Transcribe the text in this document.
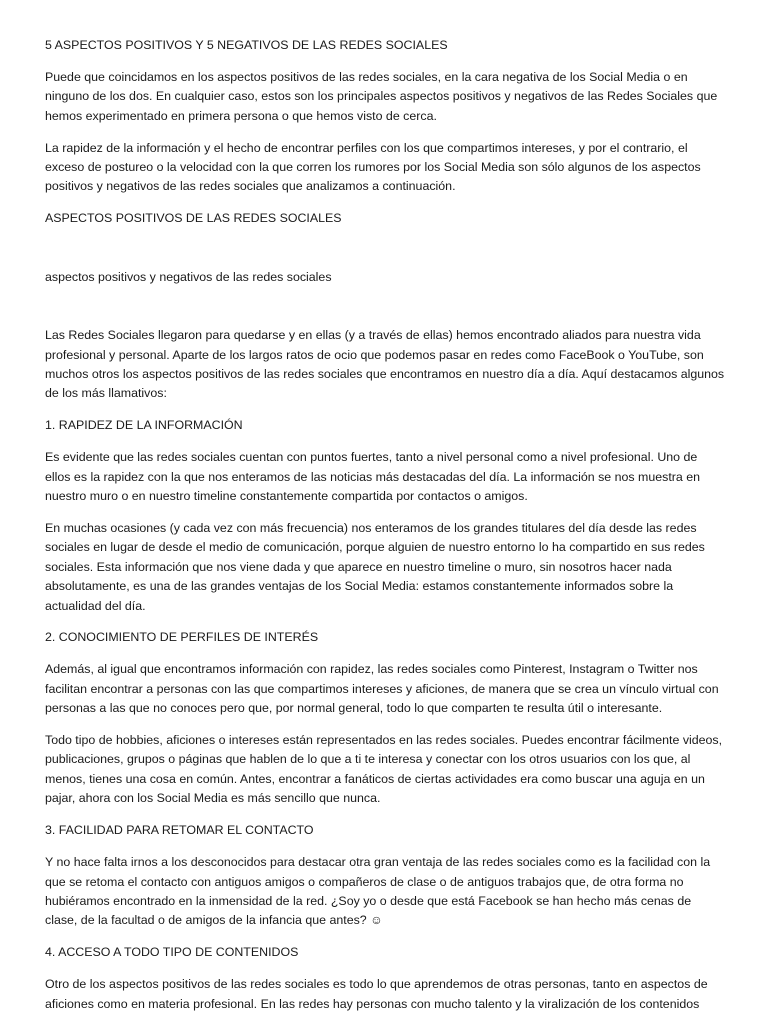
5 ASPECTOS POSITIVOS Y 5 NEGATIVOS DE LAS REDES SOCIALES

Puede que coincidamos en los aspectos positivos de las redes sociales, en la cara negativa de los Social Media o en ninguno de los dos. En cualquier caso, estos son los principales aspectos positivos y negativos de las Redes Sociales que hemos experimentado en primera persona o que hemos visto de cerca.

La rapidez de la información y el hecho de encontrar perfiles con los que compartimos intereses, y por el contrario, el exceso de postureo o la velocidad con la que corren los rumores por los Social Media son sólo algunos de los aspectos positivos y negativos de las redes sociales que analizamos a continuación.

ASPECTOS POSITIVOS DE LAS REDES SOCIALES

aspectos positivos y negativos de las redes sociales

Las Redes Sociales llegaron para quedarse y en ellas (y a través de ellas) hemos encontrado aliados para nuestra vida profesional y personal. Aparte de los largos ratos de ocio que podemos pasar en redes como FaceBook o YouTube, son muchos otros los aspectos positivos de las redes sociales que encontramos en nuestro día a día. Aquí destacamos algunos de los más llamativos:

1. RAPIDEZ DE LA INFORMACIÓN

Es evidente que las redes sociales cuentan con puntos fuertes, tanto a nivel personal como a nivel profesional. Uno de ellos es la rapidez con la que nos enteramos de las noticias más destacadas del día. La información se nos muestra en nuestro muro o en nuestro timeline constantemente compartida por contactos o amigos.

En muchas ocasiones (y cada vez con más frecuencia) nos enteramos de los grandes titulares del día desde las redes sociales en lugar de desde el medio de comunicación, porque alguien de nuestro entorno lo ha compartido en sus redes sociales. Esta información que nos viene dada y que aparece en nuestro timeline o muro, sin nosotros hacer nada absolutamente, es una de las grandes ventajas de los Social Media: estamos constantemente informados sobre la actualidad del día.

2. CONOCIMIENTO DE PERFILES DE INTERÉS

Además, al igual que encontramos información con rapidez, las redes sociales como Pinterest, Instagram o Twitter nos facilitan encontrar a personas con las que compartimos intereses y aficiones, de manera que se crea un vínculo virtual con personas a las que no conoces pero que, por normal general, todo lo que comparten te resulta útil o interesante.

Todo tipo de hobbies, aficiones o intereses están representados en las redes sociales. Puedes encontrar fácilmente videos, publicaciones, grupos o páginas que hablen de lo que a ti te interesa y conectar con los otros usuarios con los que, al menos, tienes una cosa en común. Antes, encontrar a fanáticos de ciertas actividades era como buscar una aguja en un pajar, ahora con los Social Media es más sencillo que nunca.

3. FACILIDAD PARA RETOMAR EL CONTACTO

Y no hace falta irnos a los desconocidos para destacar otra gran ventaja de las redes sociales como es la facilidad con la que se retoma el contacto con antiguos amigos o compañeros de clase o de antiguos trabajos que, de otra forma no hubiéramos encontrado en la inmensidad de la red. ¿Soy yo o desde que está Facebook se han hecho más cenas de clase, de la facultad o de amigos de la infancia que antes? ☺

4. ACCESO A TODO TIPO DE CONTENIDOS

Otro de los aspectos positivos de las redes sociales es todo lo que aprendemos de otras personas, tanto en aspectos de aficiones como en materia profesional. En las redes hay personas con mucho talento y la viralización de los contenidos
